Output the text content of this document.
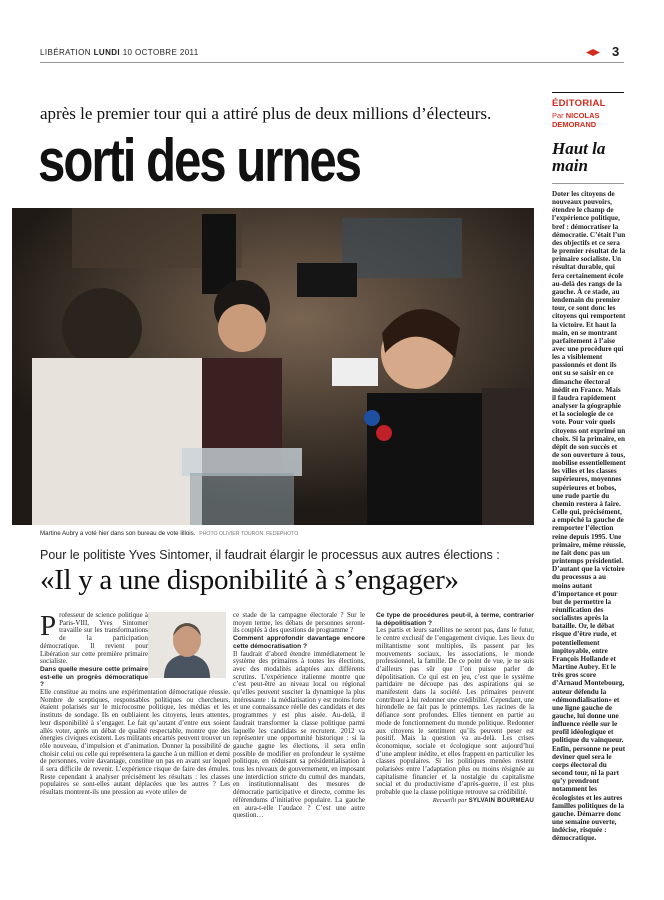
LIBÉRATION LUNDI 10 OCTOBRE 2011	3
après le premier tour qui a attiré plus de deux millions d’électeurs.
sorti des urnes
Martine Aubry a voté hier dans son bureau de vote lillois. PHOTO OLIVIER TOURON. FEDEPHOTO
Pour le politiste Yves Sintomer, il faudrait élargir le processus aux autres élections :
«Il y a une disponibilité à s’engager»
P rofesseur de science politique à Paris-VIII, Yves Sintomer travaille sur les transformations de la participation démocratique. Il revient pour Libération sur cette première primaire socialiste.

Dans quelle mesure cette primaire est-elle un progrès démocratique ?

Elle constitue au moins une expérimentation démocratique réussie. Nombre de sceptiques, responsables politiques ou chercheurs, étaient polarisés sur le microcosme politique, les médias et les instituts de sondage. Ils en oubliaient les citoyens, leurs attentes, leur disponibilité à s’engager. Le fait qu’autant d’entre eux soient allés voter, après un débat de qualité respectable, montre que des énergies civiques existent. Les militants encartés peuvent trouver un rôle nouveau, d’impulsion et d’animation. Donner la possibilité de choisir celui ou celle qui représentera la gauche à un million et demi de personnes, voire davantage, constitue un pas en avant sur lequel il sera difficile de revenir. L’expérience risque de faire des émules. Reste cependant à analyser précisément les résultats : les classes populaires se sont-elles autant déplacées que les autres ? Les résultats montrent-ils une pression au «vote utile» de

ce stade de la campagne électorale ? Sur le moyen terme, les débats de personnes seront-ils couplés à des questions de programme ?

Comment approfondir davantage encore cette démocratisation ?

Il faudrait d’abord étendre immédiatement le système des primaires à toutes les élections, avec des modalités adaptées aux différents scrutins. L’expérience italienne montre que c’est peut-être au niveau local ou régional qu’elles peuvent susciter la dynamique la plus intéressante : la médiatisation y est moins forte et une connaissance réelle des candidats et des programmes y est plus aisée. Au-delà, il faudrait transformer la classe politique parmi laquelle les candidats se recrutent. 2012 va représenter une opportunité historique : si la gauche gagne les élections, il sera enfin possible de modifier en profondeur le système politique, en réduisant sa présidentialisation à tous les niveaux de gouvernement, en imposant une interdiction stricte du cumul des mandats, en institutionnalisant des mesures de démocratie participative et directe, comme les référendums d’initiative populaire. La gauche en aura-t-elle l’audace ? C’est une autre question…

Ce type de procédures peut-il, à terme, contrarier la dépolitisation ?

Les partis et leurs satellites ne seront pas, dans le futur, le centre exclusif de l’engagement civique. Les lieux du militantisme sont multiples, ils passent par les mouvements sociaux, les associations, le monde professionnel, la famille. De ce point de vue, je ne suis d’ailleurs pas sûr que l’on puisse parler de dépolitisation. Ce qui est en jeu, c’est que le système partidaire ne découpe pas des aspirations qui se manifestent dans la société. Les primaires peuvent contribuer à lui redonner une crédibilité. Cependant, une hirondelle ne fait pas le printemps. Les racines de la défiance sont profondes. Elles tiennent en partie au mode de fonctionnement du monde politique. Redonner aux citoyens le sentiment qu’ils peuvent peser est positif. Mais la question va au-delà. Les crises économique, sociale et écologique sont aujourd’hui d’une ampleur inédite, et elles frappent en particulier les classes populaires. Si les politiques menées restent polarisées entre l’adaptation plus ou moins résignée au capitalisme financier et la nostalgie du capitalisme social et du productivisme d’après-guerre, il est plus probable que la classe politique retrouve sa crédibilité.

Recueilli par SYLVAIN BOURMEAU

ÉDITORIAL
Par NICOLAS DEMORAND
Haut la main

Doter les citoyens de nouveaux pouvoirs, étendre le champ de l’expérience politique, bref : démocratiser la démocratie. C’était l’un des objectifs et ce sera le premier résultat de la primaire socialiste. Un résultat durable, qui fera certainement école au-delà des rangs de la gauche. À ce stade, au lendemain du premier tour, ce sont donc les citoyens qui remportent la victoire. Et haut la main, en se montrant parfaitement à l’aise avec une procédure qui les a visiblement passionnés et dont ils ont su se saisir en ce dimanche électoral inédit en France. Mais il faudra rapidement analyser la géographie et la sociologie de ce vote. Pour voir quels citoyens ont exprimé un choix. Si la primaire, en dépit de son succès et de son ouverture à tous, mobilise essentiellement les villes et les classes supérieures, moyennes supérieures et bobos, une rude partie du chemin restera à faire. Celle qui, précisément, a empêché la gauche de remporter l’élection reine depuis 1995. Une primaire, même réussie, ne fait donc pas un printemps présidentiel. D’autant que la victoire du processus a au moins autant d’importance et pour but de permettre la réunification des socialistes après la bataille. Or, le débat risque d’être rude, et potentiellement impitoyable, entre François Hollande et Martine Aubry. Et le très gros score d’Arnaud Montebourg, auteur défendu la «démondialisation» et une ligne gauche de gauche, lui donne une influence réelle sur le profil idéologique et politique du vainqueur. Enfin, personne ne peut deviner quel sera le corps électoral du second tour, ni la part qu’y prendront notamment les écologistes et les autres familles politiques de la gauche. Démarre donc une semaine ouverte, indécise, risquée : démocratique.
